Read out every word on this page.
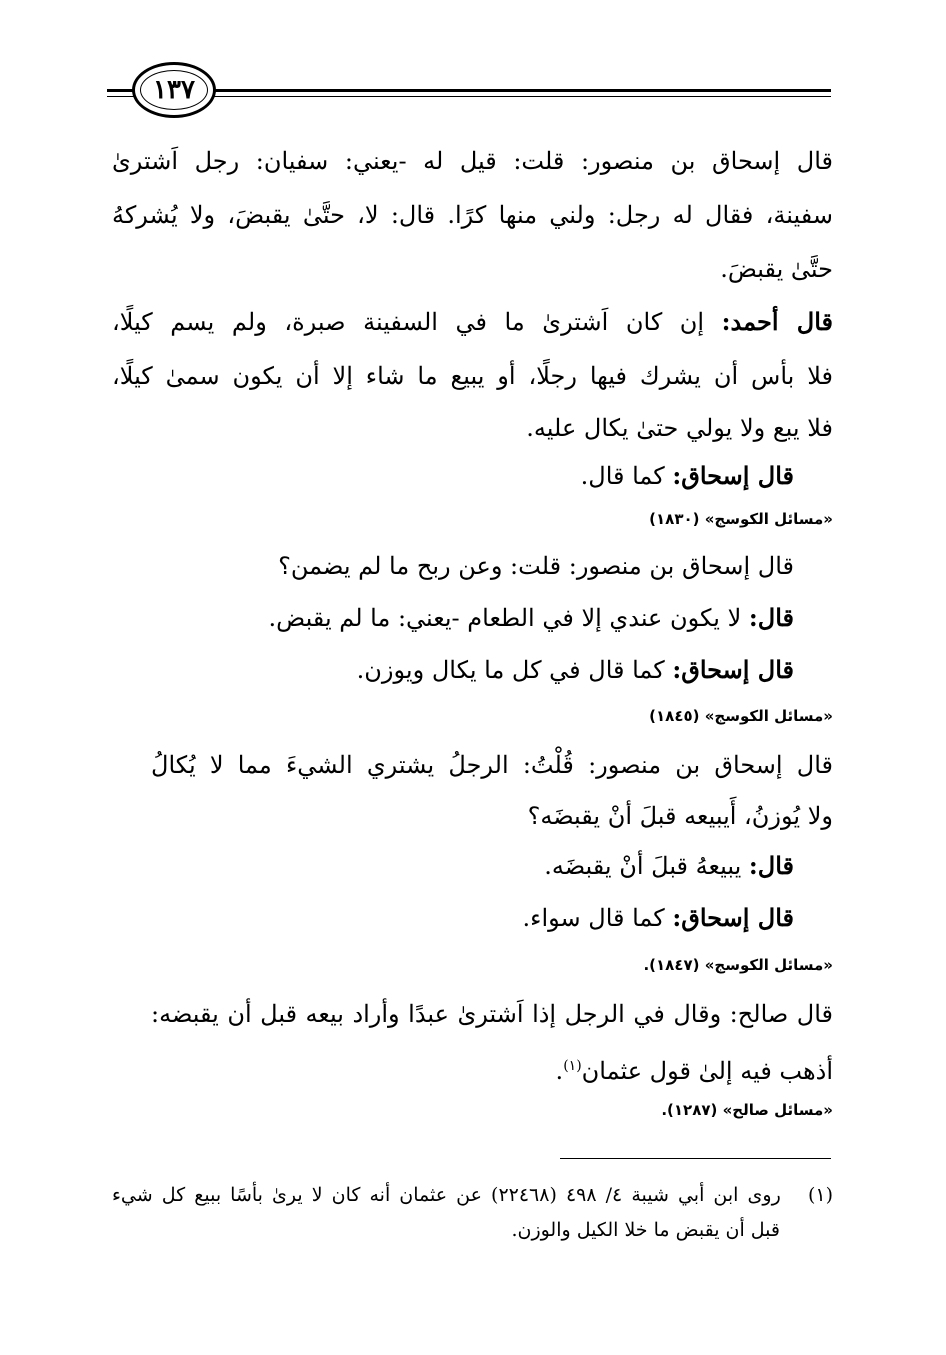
١٣٧
قال إسحاق بن منصور: قلت: قيل له -يعني: سفيان: رجل اَشترىٰ
سفينة، فقال له رجل: ولني منها كرًا. قال: لا، حتَّىٰ يقبضَ، ولا يُشركهُ
حتَّىٰ يقبضَ.
قال أحمد: إن كان اَشترىٰ ما في السفينة صبرة، ولم يسم كيلًا،
فلا بأس أن يشرك فيها رجلًا، أو يبيع ما شاء إلا أن يكون سمىٰ كيلًا،
فلا يبع ولا يولي حتىٰ يكال عليه.
قال إسحاق: كما قال.
«مسائل الكوسج» (١٨٣٠)
قال إسحاق بن منصور: قلت: وعن ربح ما لم يضمن؟
قال: لا يكون عندي إلا في الطعام -يعني: ما لم يقبض.
قال إسحاق: كما قال في كل ما يكال ويوزن.
«مسائل الكوسج» (١٨٤٥)
قال إسحاق بن منصور: قُلْتُ: الرجلُ يشتري الشيءَ مما لا يُكالُ
ولا يُوزنُ، أَيبيعه قبلَ أنْ يقبضَه؟
قال: يبيعهُ قبلَ أنْ يقبضَه.
قال إسحاق: كما قال سواء.
«مسائل الكوسج» (١٨٤٧).
قال صالح: وقال في الرجل إذا اَشترىٰ عبدًا وأراد بيعه قبل أن يقبضه:
أذهب فيه إلىٰ قول عثمان$^{(١)}$.
«مسائل صالح» (١٢٨٧).
(١)   روى ابن أبي شيبة ٤/ ٤٩٨ (٢٢٤٦٨) عن عثمان أنه كان لا يرىٰ بأسًا ببيع كل شيء
قبل أن يقبض ما خلا الكيل والوزن.
